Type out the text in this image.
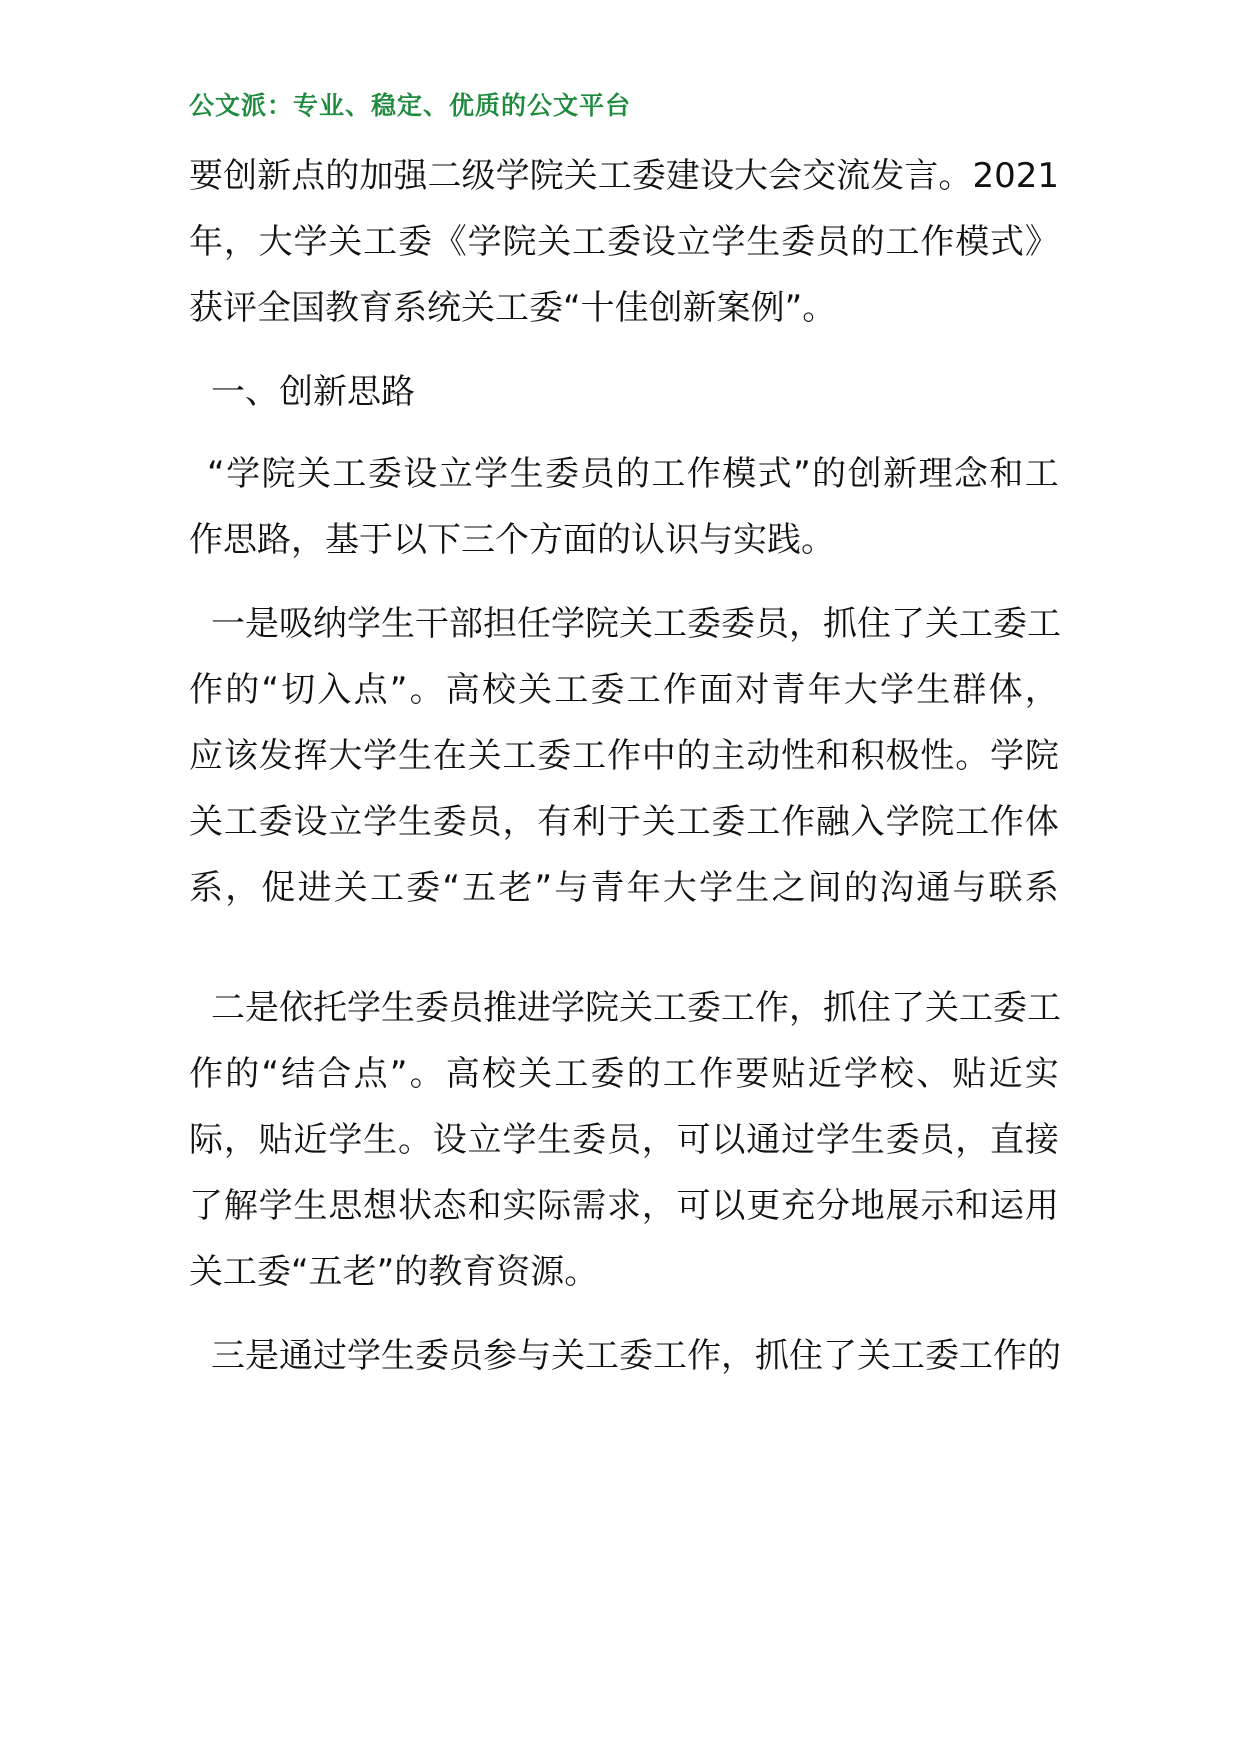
公文派：专业、稳定、优质的公文平台
要 创 新 点 的 加 强 二 级 学 院 关 工 委 建 设 大 会 交 流 发 言 。 2021
年 ， 大 学 关 工 委 《 学 院 关 工 委 设 立 学 生 委 员 的 工 作 模 式 》
获评全国教育系统关工委“十佳创新案例”。
一、创新思路
“ 学 院 关 工 委 设 立 学 生 委 员 的 工 作 模 式 ” 的 创 新 理 念 和 工
作思路，基于以下三个方面的认识与实践。
一 是 吸 纳 学 生 干 部 担 任 学 院 关 工 委 委 员 ， 抓 住 了 关 工 委 工
作 的 “ 切 入 点 ” 。 高 校 关 工 委 工 作 面 对 青 年 大 学 生 群 体 ，
应 该 发 挥 大 学 生 在 关 工 委 工 作 中 的 主 动 性 和 积 极 性 。 学 院
关 工 委 设 立 学 生 委 员 ， 有 利 于 关 工 委 工 作 融 入 学 院 工 作 体
系 ， 促 进 关 工 委 “ 五 老 ” 与 青 年 大 学 生 之 间 的 沟 通 与 联 系
二 是 依 托 学 生 委 员 推 进 学 院 关 工 委 工 作 ， 抓 住 了 关 工 委 工
作 的 “ 结 合 点 ” 。 高 校 关 工 委 的 工 作 要 贴 近 学 校 、 贴 近 实
际 ， 贴 近 学 生 。 设 立 学 生 委 员 ， 可 以 通 过 学 生 委 员 ， 直 接
了 解 学 生 思 想 状 态 和 实 际 需 求 ， 可 以 更 充 分 地 展 示 和 运 用
关工委“五老”的教育资源。
三 是 通 过 学 生 委 员 参 与 关 工 委 工 作 ， 抓 住 了 关 工 委 工 作 的
